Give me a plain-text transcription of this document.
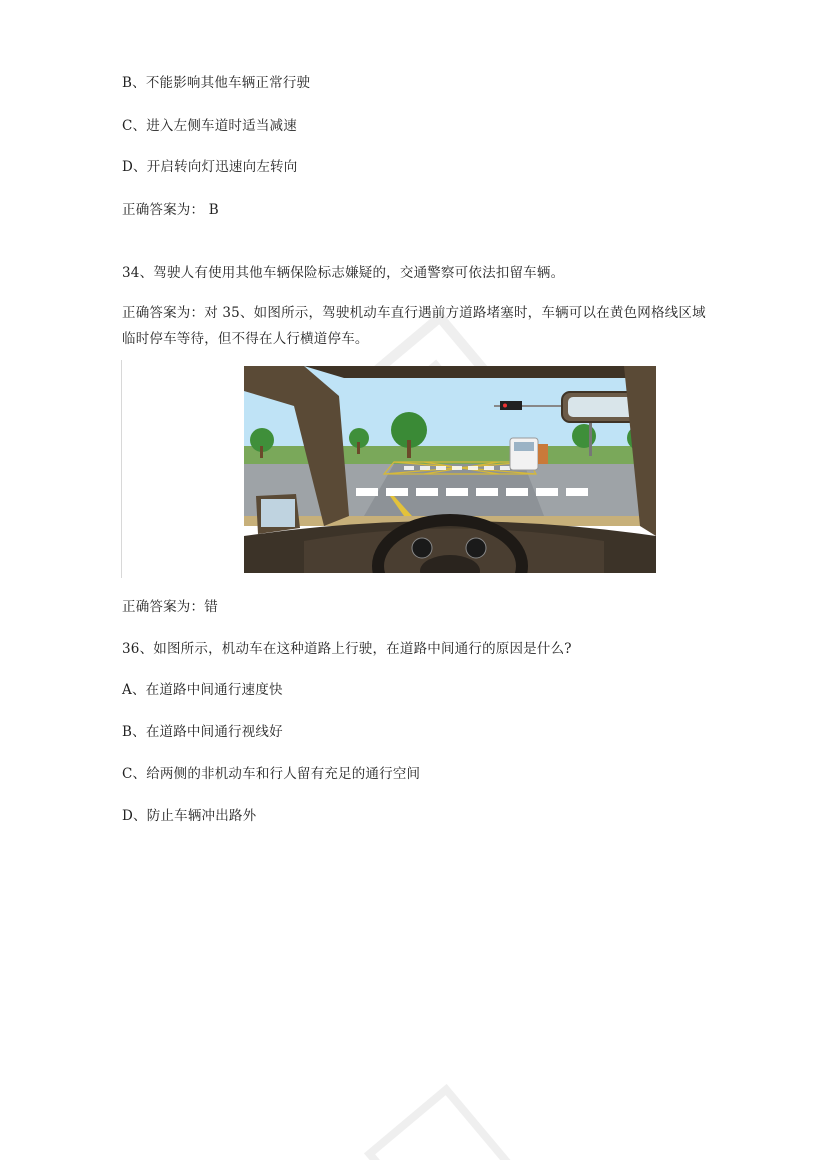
B、不能影响其他车辆正常行驶
C、进入左侧车道时适当减速
D、开启转向灯迅速向左转向
正确答案为： B
34、驾驶人有使用其他车辆保险标志嫌疑的，交通警察可依法扣留车辆。
正确答案为：对 35、如图所示，驾驶机动车直行遇前方道路堵塞时，车辆可以在黄色网格线区域临时停车等待，但不得在人行横道停车。
正确答案为：错
36、如图所示，机动车在这种道路上行驶，在道路中间通行的原因是什么?
A、在道路中间通行速度快
B、在道路中间通行视线好
C、给两侧的非机动车和行人留有充足的通行空间
D、防止车辆冲出路外
